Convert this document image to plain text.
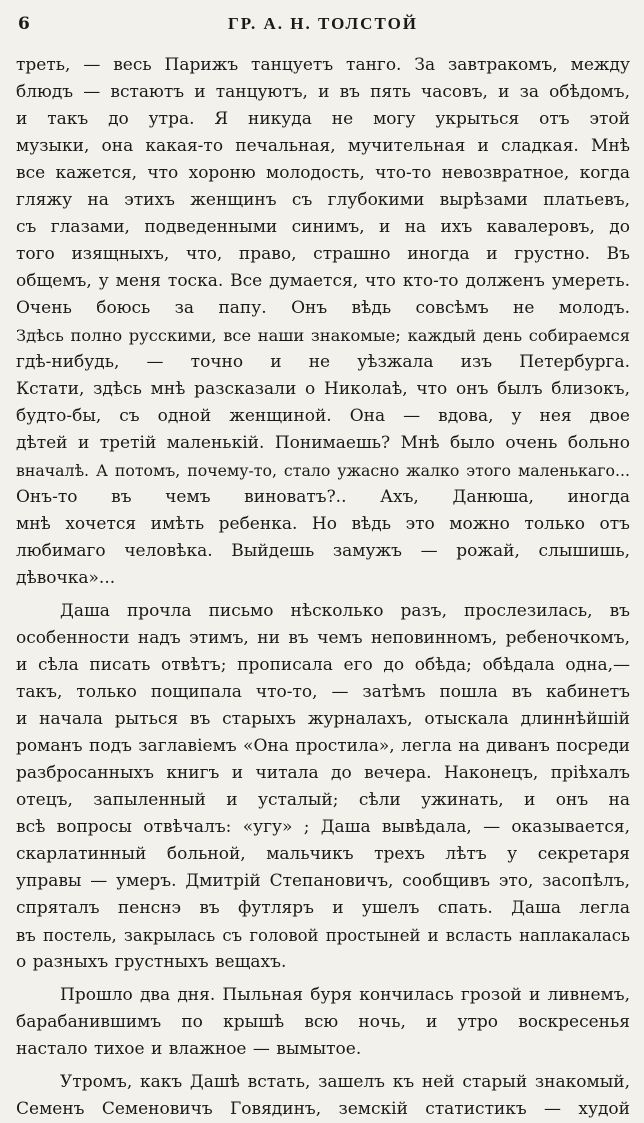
6	ГР. А. Н. ТОЛСТОЙ
треть, — весь Парижъ танцуетъ танго. За завтракомъ, между
блюдъ — встаютъ и танцуютъ, и въ пять часовъ, и за обѣдомъ,
и такъ до утра. Я никуда не могу укрыться отъ этой
музыки, она какая-то печальная, мучительная и сладкая. Мнѣ
все кажется, что хороню молодость, что-то невозвратное, когда
гляжу на этихъ женщинъ съ глубокими вырѣзами платьевъ,
съ глазами, подведенными синимъ, и на ихъ кавалеровъ, до
того изящныхъ, что, право, страшно иногда и грустно. Въ
общемъ, у меня тоска. Все думается, что кто-то долженъ умереть.
Очень боюсь за папу. Онъ вѣдь совсѣмъ не молодъ.
Здѣсь полно русскими, все наши знакомые; каждый день собираемся
гдѣ-нибудь, — точно и не уѣзжала изъ Петербурга.
Кстати, здѣсь мнѣ разсказали о Николаѣ, что онъ былъ близокъ,
будто-бы, съ одной женщиной. Она — вдова, у нея двое
дѣтей и третій маленькій. Понимаешь? Мнѣ было очень больно
вначалѣ. А потомъ, почему-то, стало ужасно жалко этого маленькаго...
Онъ-то въ чемъ виноватъ?.. Ахъ, Данюша, иногда
мнѣ хочется имѣть ребенка. Но вѣдь это можно только отъ
любимаго человѣка. Выйдешь замужъ — рожай, слышишь,
дѣвочка»...
Даша прочла письмо нѣсколько разъ, прослезилась, въ
особенности надъ этимъ, ни въ чемъ неповинномъ, ребеночкомъ,
и сѣла писать отвѣтъ; прописала его до обѣда; обѣдала одна,—
такъ, только пощипала что-то, — затѣмъ пошла въ кабинетъ
и начала рыться въ старыхъ журналахъ, отыскала длиннѣйшій
романъ подъ заглавіемъ «Она простила», легла на диванъ посреди
разбросанныхъ книгъ и читала до вечера. Наконецъ, пріѣхалъ
отецъ, запыленный и усталый; сѣли ужинать, и онъ на
всѣ вопросы отвѣчалъ: «угу» ; Даша вывѣдала, — оказывается,
скарлатинный больной, мальчикъ трехъ лѣтъ у секретаря
управы — умеръ. Дмитрій Степановичъ, сообщивъ это, засопѣлъ,
спряталъ пенснэ въ футляръ и ушелъ спать. Даша легла
въ постель, закрылась съ головой простыней и всласть наплакалась
о разныхъ грустныхъ вещахъ.
Прошло два дня. Пыльная буря кончилась грозой и ливнемъ,
барабанившимъ по крышѣ всю ночь, и утро воскресенья
настало тихое и влажное — вымытое.
Утромъ, какъ Дашѣ встать, зашелъ къ ней старый знакомый,
Семенъ Семеновичъ Говядинъ, земскій статистикъ — худой
